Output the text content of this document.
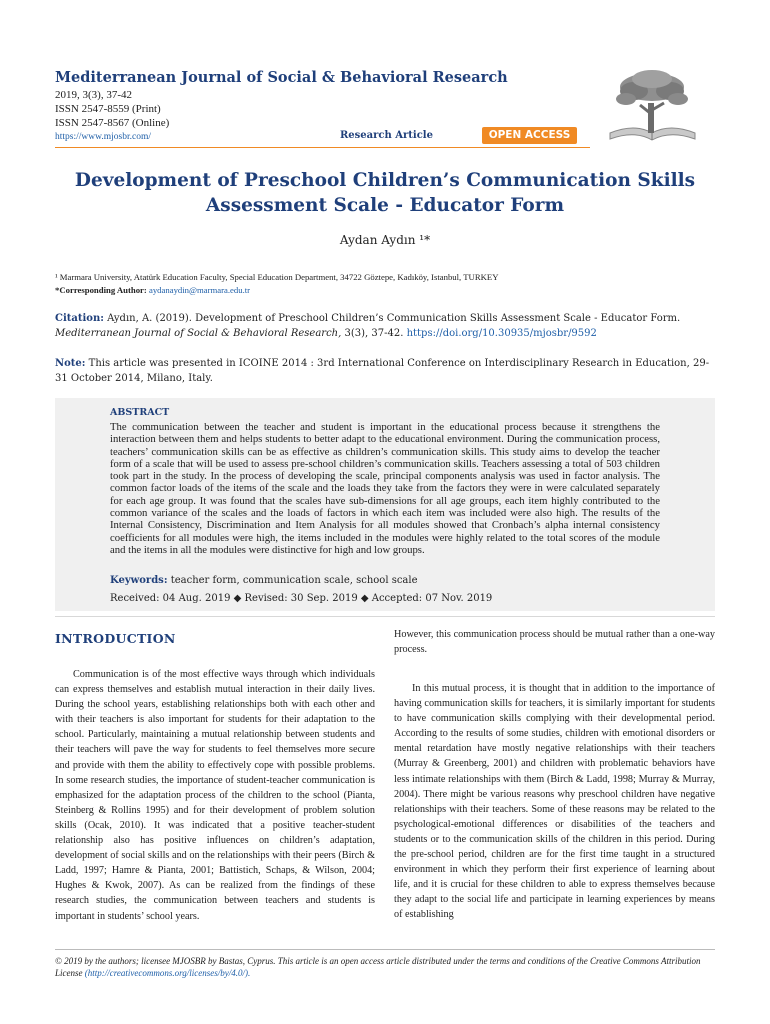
Mediterranean Journal of Social & Behavioral Research
2019, 3(3), 37-42
ISSN 2547-8559 (Print)
ISSN 2547-8567 (Online)
https://www.mjosbr.com/	Research Article	OPEN ACCESS
Development of Preschool Children’s Communication Skills
Assessment Scale - Educator Form
Aydan Aydın ¹*
¹ Marmara University, Atatürk Education Faculty, Special Education Department, 34722 Göztepe, Kadıköy, Istanbul, TURKEY
*Corresponding Author: aydanaydin@marmara.edu.tr
Citation: Aydın, A. (2019). Development of Preschool Children’s Communication Skills Assessment Scale - Educator Form. Mediterranean Journal of Social & Behavioral Research, 3(3), 37-42. https://doi.org/10.30935/mjosbr/9592
Note: This article was presented in ICOINE 2014 : 3rd International Conference on Interdisciplinary Research in Education, 29-31 October 2014, Milano, Italy.
ABSTRACT
The communication between the teacher and student is important in the educational process because it strengthens the interaction between them and helps students to better adapt to the educational environment. During the communication process, teachers’ communication skills can be as effective as children’s communication skills. This study aims to develop the teacher form of a scale that will be used to assess pre-school children’s communication skills. Teachers assessing a total of 503 children took part in the study. In the process of developing the scale, principal components analysis was used in factor analysis. The common factor loads of the items of the scale and the loads they take from the factors they were in were calculated separately for each age group. It was found that the scales have sub-dimensions for all age groups, each item highly contributed to the common variance of the scales and the loads of factors in which each item was included were also high. The results of the Internal Consistency, Discrimination and Item Analysis for all modules showed that Cronbach’s alpha internal consistency coefficients for all modules were high, the items included in the modules were highly related to the total scores of the module and the items in all the modules were distinctive for high and low groups.
Keywords: teacher form, communication scale, school scale
Received: 04 Aug. 2019 ◆ Revised: 30 Sep. 2019 ◆ Accepted: 07 Nov. 2019
INTRODUCTION

Communication is of the most effective ways through which individuals can express themselves and establish mutual interaction in their daily lives. During the school years, establishing relationships both with each other and with their teachers is also important for students for their adaptation to the school. Particularly, maintaining a mutual relationship between students and their teachers will pave the way for students to feel themselves more secure and provide with them the ability to effectively cope with possible problems. In some research studies, the importance of student-teacher communication is emphasized for the adaptation process of the children to the school (Pianta, Steinberg & Rollins 1995) and for their development of problem solution skills (Ocak, 2010). It was indicated that a positive teacher-student relationship also has positive influences on children’s adaptation, development of social skills and on the relationships with their peers (Birch & Ladd, 1997; Hamre & Pianta, 2001; Battistich, Schaps, & Wilson, 2004; Hughes & Kwok, 2007). As can be realized from the findings of these research studies, the communication between teachers and students is important in students’ school years.

However, this communication process should be mutual rather than a one-way process.

In this mutual process, it is thought that in addition to the importance of having communication skills for teachers, it is similarly important for students to have communication skills complying with their developmental period. According to the results of some studies, children with emotional disorders or mental retardation have mostly negative relationships with their teachers (Murray & Greenberg, 2001) and children with problematic behaviors have less intimate relationships with them (Birch & Ladd, 1998; Murray & Murray, 2004). There might be various reasons why preschool children have negative relationships with their teachers. Some of these reasons may be related to the psychological-emotional differences or disabilities of the teachers and students or to the communication skills of the children in this period. During the pre-school period, children are for the first time taught in a structured environment in which they perform their first experience of learning about life, and it is crucial for these children to able to express themselves because they adapt to the social life and participate in learning experiences by means of establishing

© 2019 by the authors; licensee MJOSBR by Bastas, Cyprus. This article is an open access article distributed under the terms and conditions of the Creative Commons Attribution License (http://creativecommons.org/licenses/by/4.0/).
